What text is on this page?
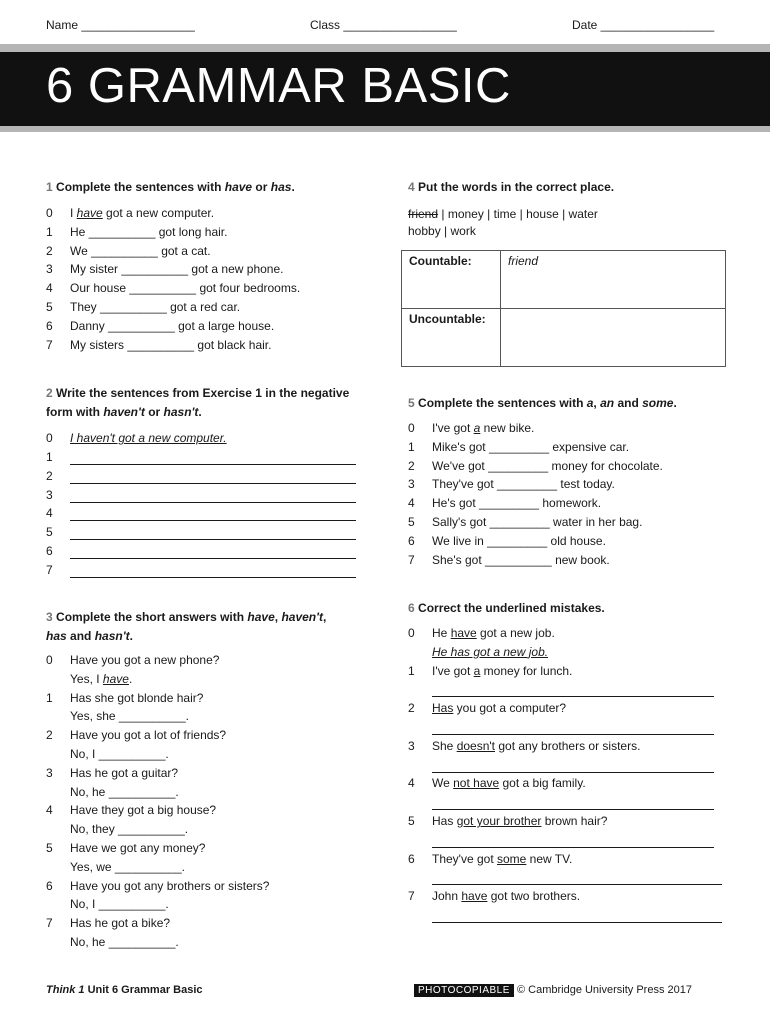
Name _________________	Class _________________	Date _________________
6 GRAMMAR BASIC
1 Complete the sentences with have or has.
0 I have got a new computer.
1 He __________ got long hair.
2 We __________ got a cat.
3 My sister __________ got a new phone.
4 Our house __________ got four bedrooms.
5 They __________ got a red car.
6 Danny __________ got a large house.
7 My sisters __________ got black hair.
2 Write the sentences from Exercise 1 in the negative
form with haven't or hasn't.
0 I haven't got a new computer.
1
2
3
4
5
6
7
3 Complete the short answers with have, haven't,
has and hasn't.
0 Have you got a new phone?
Yes, I have.
1 Has she got blonde hair?
Yes, she __________.
2 Have you got a lot of friends?
No, I __________.
3 Has he got a guitar?
No, he __________.
4 Have they got a big house?
No, they __________.
5 Have we got any money?
Yes, we __________.
6 Have you got any brothers or sisters?
No, I __________.
7 Has he got a bike?
No, he __________.
4 Put the words in the correct place.
friend | money | time | house | water
hobby | work
Countable:	friend
Uncountable:	
5 Complete the sentences with a, an and some.
0 I've got a new bike.
1 Mike's got _________ expensive car.
2 We've got _________ money for chocolate.
3 They've got _________ test today.
4 He's got _________ homework.
5 Sally's got _________ water in her bag.
6 We live in _________ old house.
7 She's got __________ new book.
6 Correct the underlined mistakes.
0 He have got a new job.
He has got a new job.
1 I've got a money for lunch.
2 Has you got a computer?
3 She doesn't got any brothers or sisters.
4 We not have got a big family.
5 Has got your brother brown hair?
6 They've got some new TV.
7 John have got two brothers.
Think 1 Unit 6 Grammar Basic	PHOTOCOPIABLE © Cambridge University Press 2017
